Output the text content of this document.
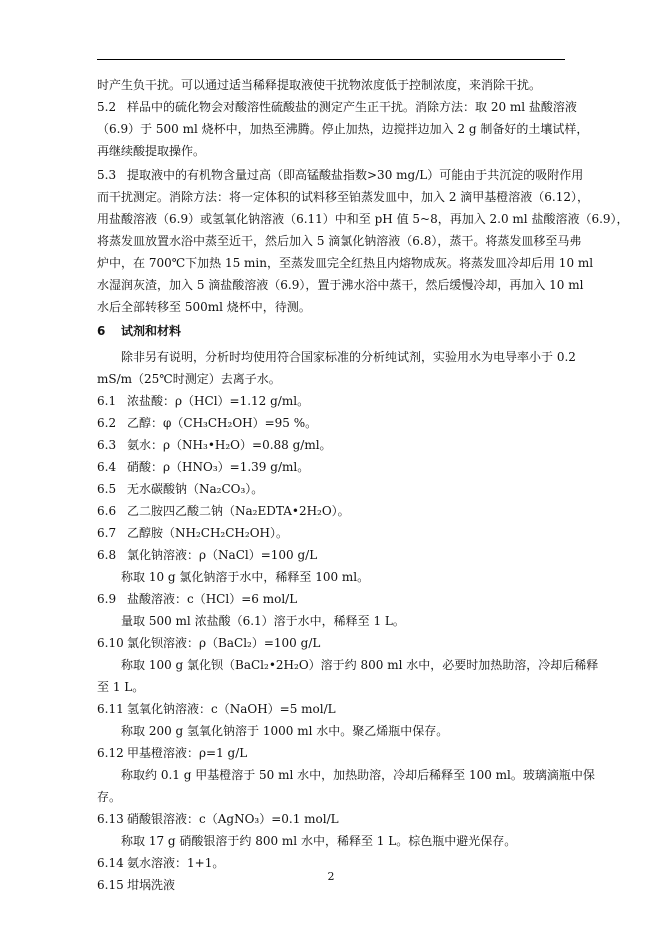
时产生负干扰。可以通过适当稀释提取液使干扰物浓度低于控制浓度，来消除干扰。
5.2 样品中的硫化物会对酸溶性硫酸盐的测定产生正干扰。消除方法：取 20 ml 盐酸溶液
（6.9）于 500 ml 烧杯中，加热至沸腾。停止加热，边搅拌边加入 2 g 制备好的土壤试样，
再继续酸提取操作。
5.3 提取液中的有机物含量过高（即高锰酸盐指数>30 mg/L）可能由于共沉淀的吸附作用
而干扰测定。消除方法：将一定体积的试料移至铂蒸发皿中，加入 2 滴甲基橙溶液（6.12），
用盐酸溶液（6.9）或氢氧化钠溶液（6.11）中和至 pH 值 5~8，再加入 2.0 ml 盐酸溶液（6.9），
将蒸发皿放置水浴中蒸至近干，然后加入 5 滴氯化钠溶液（6.8），蒸干。将蒸发皿移至马弗
炉中，在 700℃下加热 15 min，至蒸发皿完全红热且内熔物成灰。将蒸发皿冷却后用 10 ml
水湿润灰渣，加入 5 滴盐酸溶液（6.9），置于沸水浴中蒸干，然后缓慢冷却，再加入 10 ml
水后全部转移至 500ml 烧杯中，待测。
6 试剂和材料
除非另有说明，分析时均使用符合国家标准的分析纯试剂，实验用水为电导率小于 0.2
mS/m（25℃时测定）去离子水。
6.1 浓盐酸：ρ（HCl）=1.12 g/ml。
6.2 乙醇：φ（CH₃CH₂OH）=95 %。
6.3 氨水：ρ（NH₃•H₂O）=0.88 g/ml。
6.4 硝酸：ρ（HNO₃）=1.39 g/ml。
6.5 无水碳酸钠（Na₂CO₃）。
6.6 乙二胺四乙酸二钠（Na₂EDTA•2H₂O）。
6.7 乙醇胺（NH₂CH₂CH₂OH）。
6.8 氯化钠溶液：ρ（NaCl）=100 g/L
称取 10 g 氯化钠溶于水中，稀释至 100 ml。
6.9 盐酸溶液：c（HCl）=6 mol/L
量取 500 ml 浓盐酸（6.1）溶于水中，稀释至 1 L。
6.10 氯化钡溶液：ρ（BaCl₂）=100 g/L
称取 100 g 氯化钡（BaCl₂•2H₂O）溶于约 800 ml 水中，必要时加热助溶，冷却后稀释
至 1 L。
6.11 氢氧化钠溶液：c（NaOH）=5 mol/L
称取 200 g 氢氧化钠溶于 1000 ml 水中。聚乙烯瓶中保存。
6.12 甲基橙溶液：ρ=1 g/L
称取约 0.1 g 甲基橙溶于 50 ml 水中，加热助溶，冷却后稀释至 100 ml。玻璃滴瓶中保
存。
6.13 硝酸银溶液：c（AgNO₃）=0.1 mol/L
称取 17 g 硝酸银溶于约 800 ml 水中，稀释至 1 L。棕色瓶中避光保存。
6.14 氨水溶液：1+1。
6.15 坩埚洗液
2
